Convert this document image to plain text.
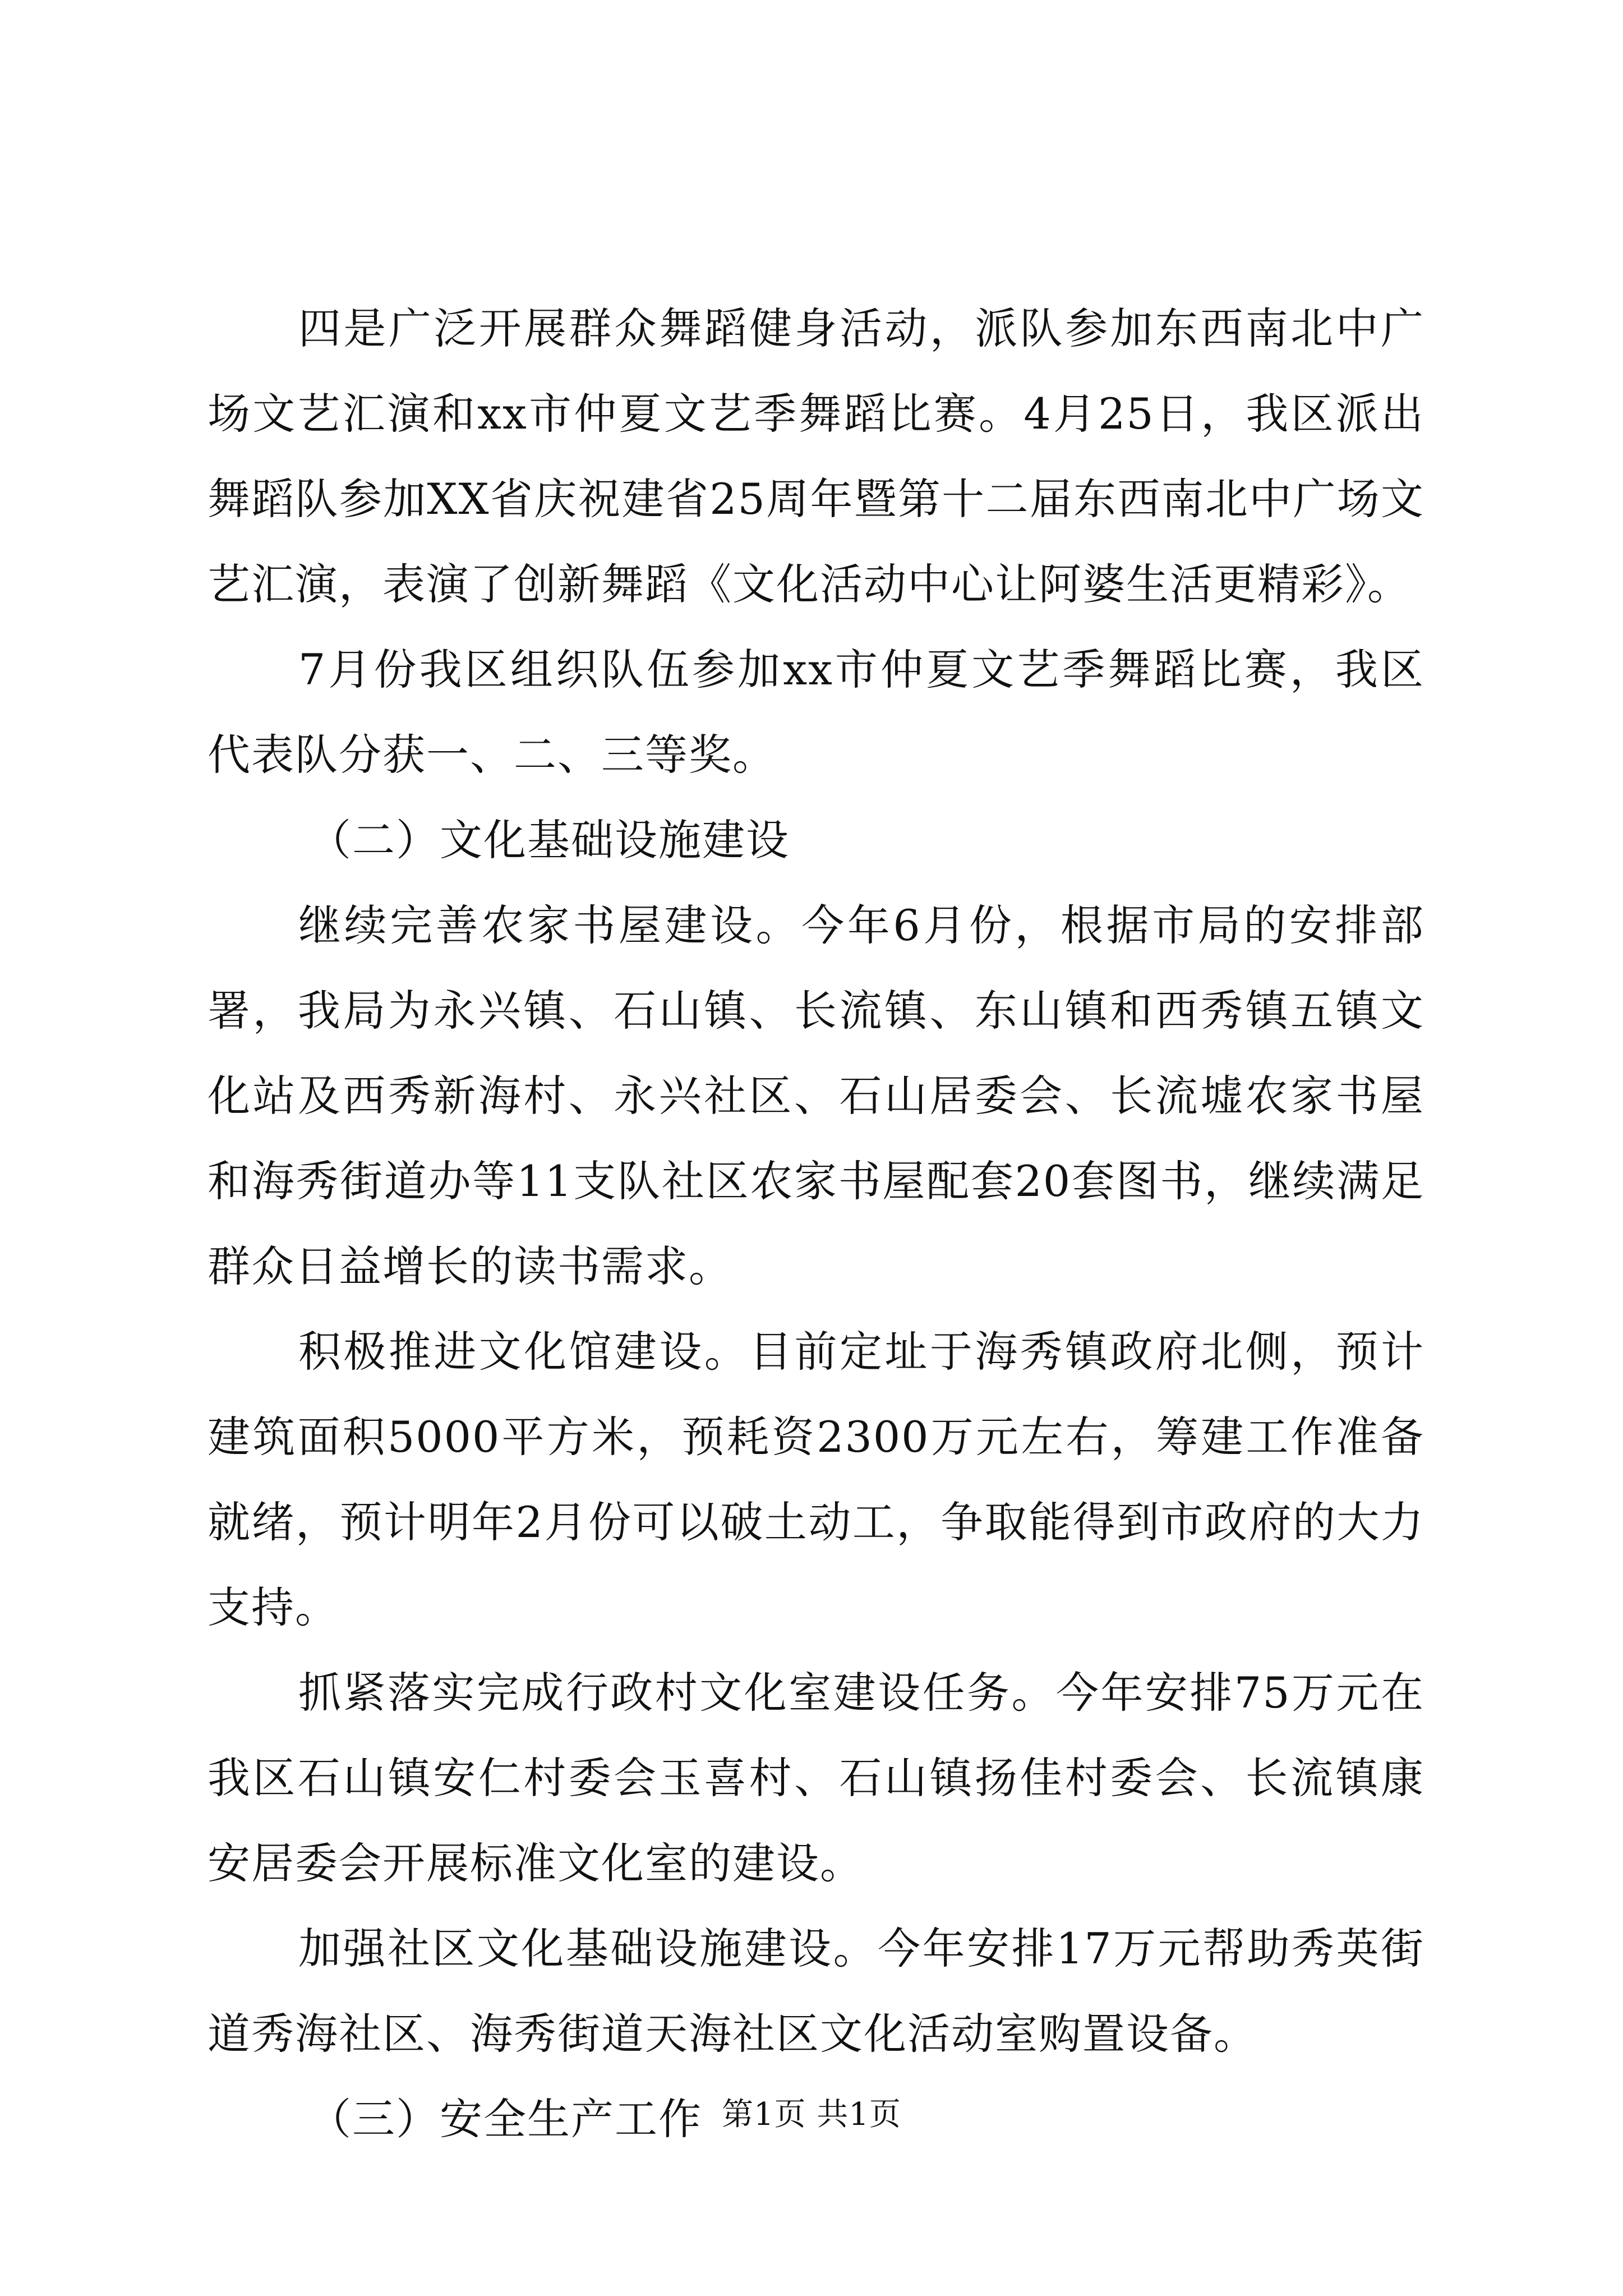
四是广泛开展群众舞蹈健身活动，派队参加东西南北中广场文艺汇演和xx市仲夏文艺季舞蹈比赛。4月25日，我区派出舞蹈队参加XX省庆祝建省25周年暨第十二届东西南北中广场文艺汇演，表演了创新舞蹈《文化活动中心让阿婆生活更精彩》。

7月份我区组织队伍参加xx市仲夏文艺季舞蹈比赛，我区代表队分获一、二、三等奖。

（二）文化基础设施建设

继续完善农家书屋建设。今年6月份，根据市局的安排部署，我局为永兴镇、石山镇、长流镇、东山镇和西秀镇五镇文化站及西秀新海村、永兴社区、石山居委会、长流墟农家书屋和海秀街道办等11支队社区农家书屋配套20套图书，继续满足群众日益增长的读书需求。

积极推进文化馆建设。目前定址于海秀镇政府北侧，预计建筑面积5000平方米，预耗资2300万元左右，筹建工作准备就绪，预计明年2月份可以破土动工，争取能得到市政府的大力支持。

抓紧落实完成行政村文化室建设任务。今年安排75万元在我区石山镇安仁村委会玉喜村、石山镇扬佳村委会、长流镇康安居委会开展标准文化室的建设。

加强社区文化基础设施建设。今年安排17万元帮助秀英街道秀海社区、海秀街道天海社区文化活动室购置设备。

（三）安全生产工作 第1页 共1页
